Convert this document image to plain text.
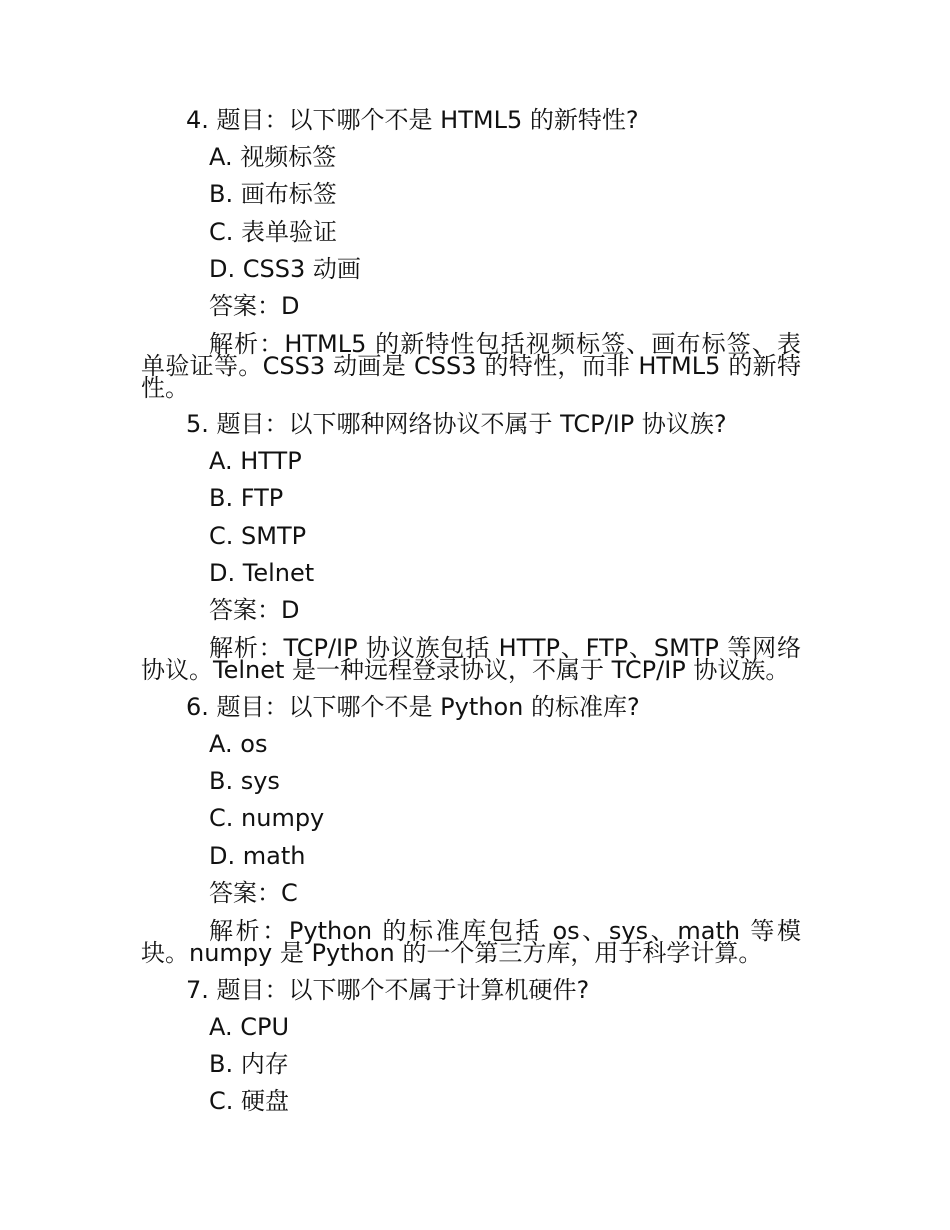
4. 题目：以下哪个不是 HTML5 的新特性?
A. 视频标签
B. 画布标签
C. 表单验证
D. CSS3 动画
答案：D
解析：HTML5 的新特性包括视频标签、画布标签、表单验证等。CSS3 动画是 CSS3 的特性，而非 HTML5 的新特性。
5. 题目：以下哪种网络协议不属于 TCP/IP 协议族?
A. HTTP
B. FTP
C. SMTP
D. Telnet
答案：D
解析：TCP/IP 协议族包括 HTTP、FTP、SMTP 等网络协议。Telnet 是一种远程登录协议，不属于 TCP/IP 协议族。
6. 题目：以下哪个不是 Python 的标准库?
A. os
B. sys
C. numpy
D. math
答案：C
解析：Python 的标准库包括 os、sys、math 等模块。numpy 是 Python 的一个第三方库，用于科学计算。
7. 题目：以下哪个不属于计算机硬件?
A. CPU
B. 内存
C. 硬盘
